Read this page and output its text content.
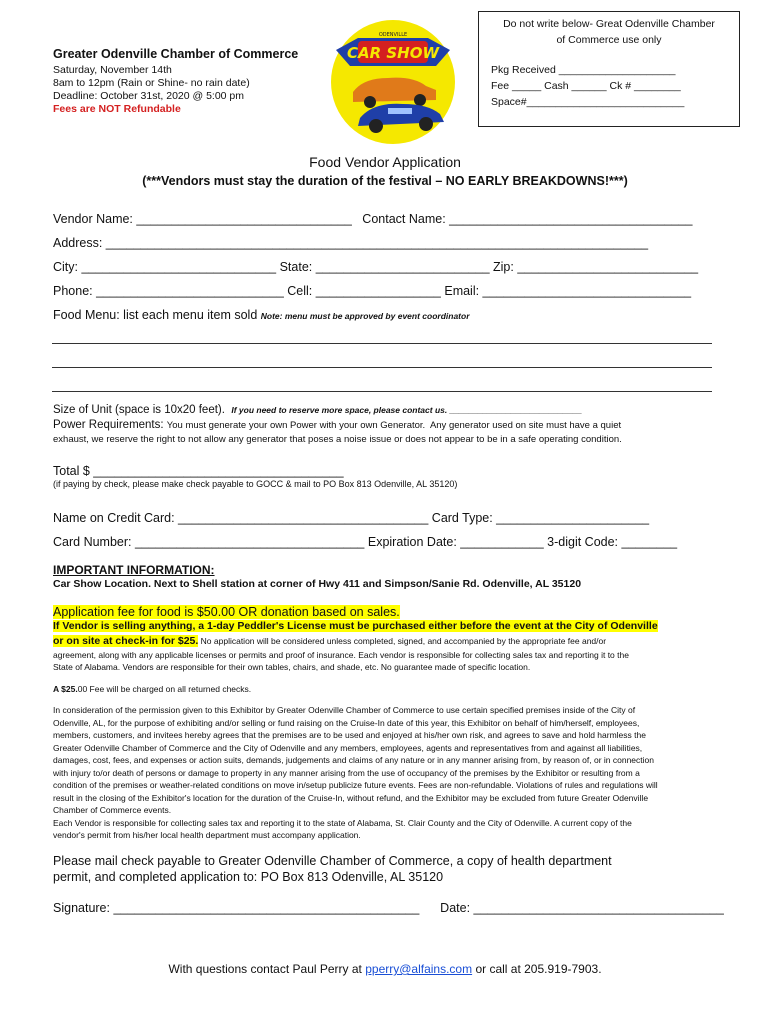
Greater Odenville Chamber of Commerce
Saturday, November 14th
8am to 12pm (Rain or Shine- no rain date)
Deadline: October 31st, 2020 @ 5:00 pm
Fees are NOT Refundable
CAR SHOW
ODENVILLE
Do not write below- Great Odenville Chamber
of Commerce use only
Pkg Received ____________________
Fee _____ Cash ______ Ck # ________
Space#___________________________
Food Vendor Application
(***Vendors must stay the duration of the festival – NO EARLY BREAKDOWNS!***)
Vendor Name: _______________________________   Contact Name: ___________________________________
Address: ______________________________________________________________________________
City: ____________________________ State: _________________________ Zip: __________________________
Phone: ___________________________ Cell: __________________ Email: ______________________________
Food Menu: list each menu item sold Note: menu must be approved by event coordinator
Size of Unit (space is 10x20 feet).  If you need to reserve more space, please contact us. ____________________________
Power Requirements: You must generate your own Power with your own Generator.  Any generator used on site must have a quiet
exhaust, we reserve the right to not allow any generator that poses a noise issue or does not appear to be in a safe operating condition.
Total $ ____________________________________
(if paying by check, please make check payable to GOCC & mail to PO Box 813 Odenville, AL 35120)
Name on Credit Card: ____________________________________ Card Type: ______________________
Card Number: _________________________________ Expiration Date: ____________ 3-digit Code: ________
IMPORTANT INFORMATION:
Car Show Location. Next to Shell station at corner of Hwy 411 and Simpson/Sanie Rd. Odenville, AL 35120
Application fee for food is $50.00 OR donation based on sales.
If Vendor is selling anything, a 1-day Peddler's License must be purchased either before the event at the City of Odenville
or on site at check-in for $25. No application will be considered unless completed, signed, and accompanied by the appropriate fee and/or
agreement, along with any applicable licenses or permits and proof of insurance. Each vendor is responsible for collecting sales tax and reporting it to the
State of Alabama. Vendors are responsible for their own tables, chairs, and shade, etc. No guarantee made of specific location.
A $25.00 Fee will be charged on all returned checks.
In consideration of the permission given to this Exhibitor by Greater Odenville Chamber of Commerce to use certain specified premises inside of the City of
Odenville, AL, for the purpose of exhibiting and/or selling or fund raising on the Cruise-In date of this year, this Exhibitor on behalf of him/herself, employees,
members, customers, and invitees hereby agrees that the premises are to be used and enjoyed at his/her own risk, and agrees to save and hold harmless the
Greater Odenville Chamber of Commerce and the City of Odenville and any members, employees, agents and representatives from and against all liabilities,
damages, cost, fees, and expenses or action suits, demands, judgements and claims of any nature or in any manner arising from, by reason of, or in connection
with injury to/or death of persons or damage to property in any manner arising from the use of occupancy of the premises by the Exhibitor or resulting from a
condition of the premises or weather-related conditions on move in/setup publicize future events. Fees are non-refundable. Violations of rules and regulations will
result in the closing of the Exhibitor's location for the duration of the Cruise-In, without refund, and the Exhibitor may be excluded from future Greater Odenville
Chamber of Commerce events.
Each Vendor is responsible for collecting sales tax and reporting it to the state of Alabama, St. Clair County and the City of Odenville. A current copy of the
vendor's permit from his/her local health department must accompany application.
Please mail check payable to Greater Odenville Chamber of Commerce, a copy of health department
permit, and completed application to: PO Box 813 Odenville, AL 35120
Signature: ____________________________________________      Date: ____________________________________
With questions contact Paul Perry at pperry@alfains.com or call at 205.919-7903.
